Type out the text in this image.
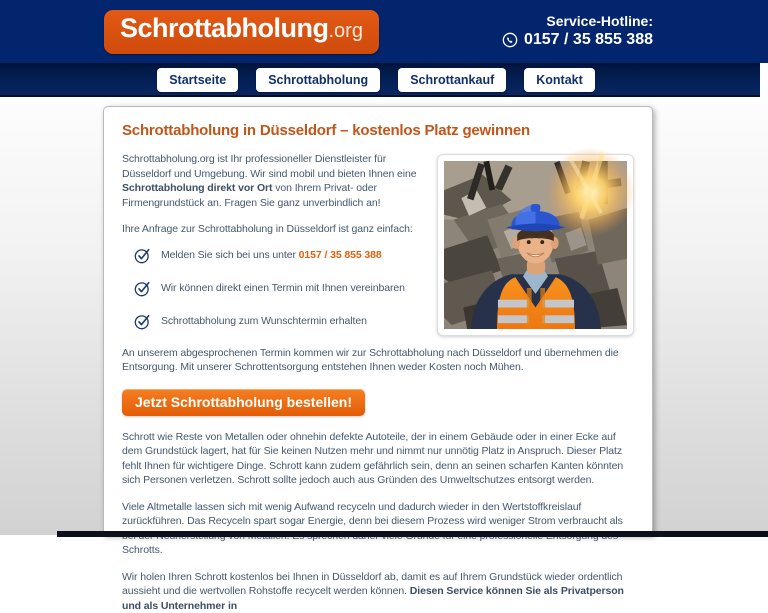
Schrottabholung .org	Service-Hotline:
0157 / 35 855 388
Startseite	Schrottabholung	Schrottankauf	Kontakt
Schrottabholung in Düsseldorf – kostenlos Platz gewinnen

Schrottabholung.org ist Ihr professioneller Dienstleister für Düsseldorf und Umgebung. Wir sind mobil und bieten Ihnen eine Schrottabholung direkt vor Ort von Ihrem Privat- oder Firmengrundstück an. Fragen Sie ganz unverbindlich an!

Ihre Anfrage zur Schrottabholung in Düsseldorf ist ganz einfach:

Melden Sie sich bei uns unter 0157 / 35 855 388
Wir können direkt einen Termin mit Ihnen vereinbaren
Schrottabholung zum Wunschtermin erhalten

An unserem abgesprochenen Termin kommen wir zur Schrottabholung nach Düsseldorf und übernehmen die Entsorgung. Mit unserer Schrottentsorgung entstehen Ihnen weder Kosten noch Mühen.

Jetzt Schrottabholung bestellen!

Schrott wie Reste von Metallen oder ohnehin defekte Autoteile, der in einem Gebäude oder in einer Ecke auf dem Grundstück lagert, hat für Sie keinen Nutzen mehr und nimmt nur unnötig Platz in Anspruch. Dieser Platz fehlt Ihnen für wichtigere Dinge. Schrott kann zudem gefährlich sein, denn an seinen scharfen Kanten könnten sich Personen verletzen. Schrott sollte jedoch auch aus Gründen des Umweltschutzes entsorgt werden.

Viele Altmetalle lassen sich mit wenig Aufwand recyceln und dadurch wieder in den Wertstoffkreislauf zurückführen. Das Recyceln spart sogar Energie, denn bei diesem Prozess wird weniger Strom verbraucht als Schrotts.

Wir holen Ihren Schrott kostenlos bei Ihnen in Düsseldorf ab, damit es auf Ihrem Grundstück wieder ordentlich aussieht und die wertvollen Rohstoffe recycelt werden können. Diesen Service können Sie als Privatperson und als Unternehmer in
